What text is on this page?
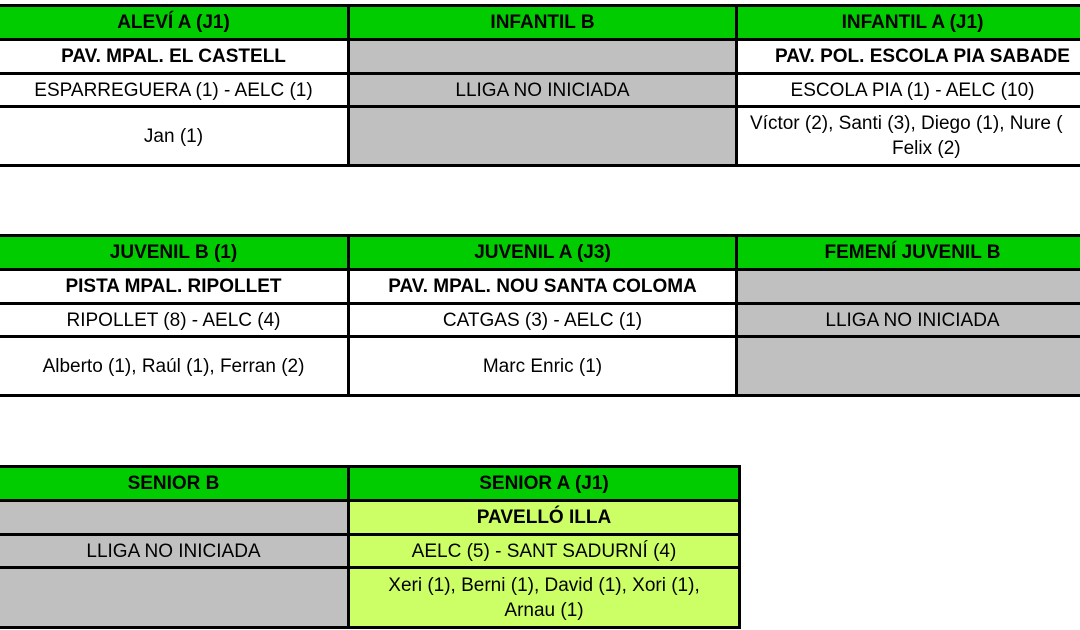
ALEVÍ A (J1)	INFANTIL B	INFANTIL A (J1)
PAV. MPAL. EL CASTELL		PAV. POL. ESCOLA PIA SABADE
ESPARREGUERA (1) - AELC (1)	LLIGA NO INICIADA	ESCOLA PIA (1) - AELC (10)
Jan (1)		Víctor (2), Santi (3), Diego (1), Nure (
Felix (2)
JUVENIL B (1)	JUVENIL A (J3)	FEMENÍ JUVENIL B
PISTA MPAL. RIPOLLET	PAV. MPAL. NOU SANTA COLOMA	
RIPOLLET (8) - AELC (4)	CATGAS (3) - AELC (1)	LLIGA NO INICIADA
Alberto (1), Raúl (1), Ferran (2)	Marc Enric (1)	
SENIOR B	SENIOR A (J1)
	PAVELLÓ ILLA
LLIGA NO INICIADA	AELC (5) - SANT SADURNÍ (4)

	Xeri (1), Berni (1), David (1), Xori (1),
Arnau (1)
